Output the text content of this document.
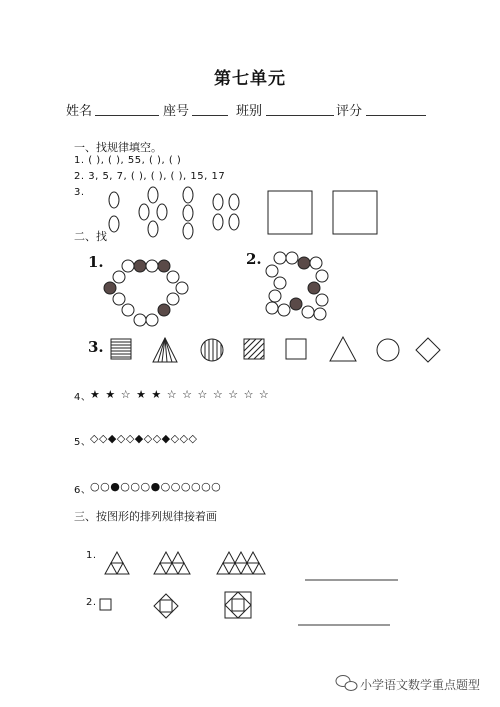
第七单元
姓名	座号	班别	评分
一、找规律填空。
1. ( ), ( ), 55, ( ), ( )
2. 3, 5, 7, ( ), ( ), ( ), 15, 17
3.
二、找
1.	2.
3.
4、
★ ★ ☆ ★ ★ ☆ ☆ ☆ ☆ ☆ ☆ ☆
5、
◇◇◆◇◇◆◇◇◆◇◇◇
6、
○○●○○○●○○○○○○
三、按图形的排列规律接着画
1.
2.
小学语文数学重点题型
